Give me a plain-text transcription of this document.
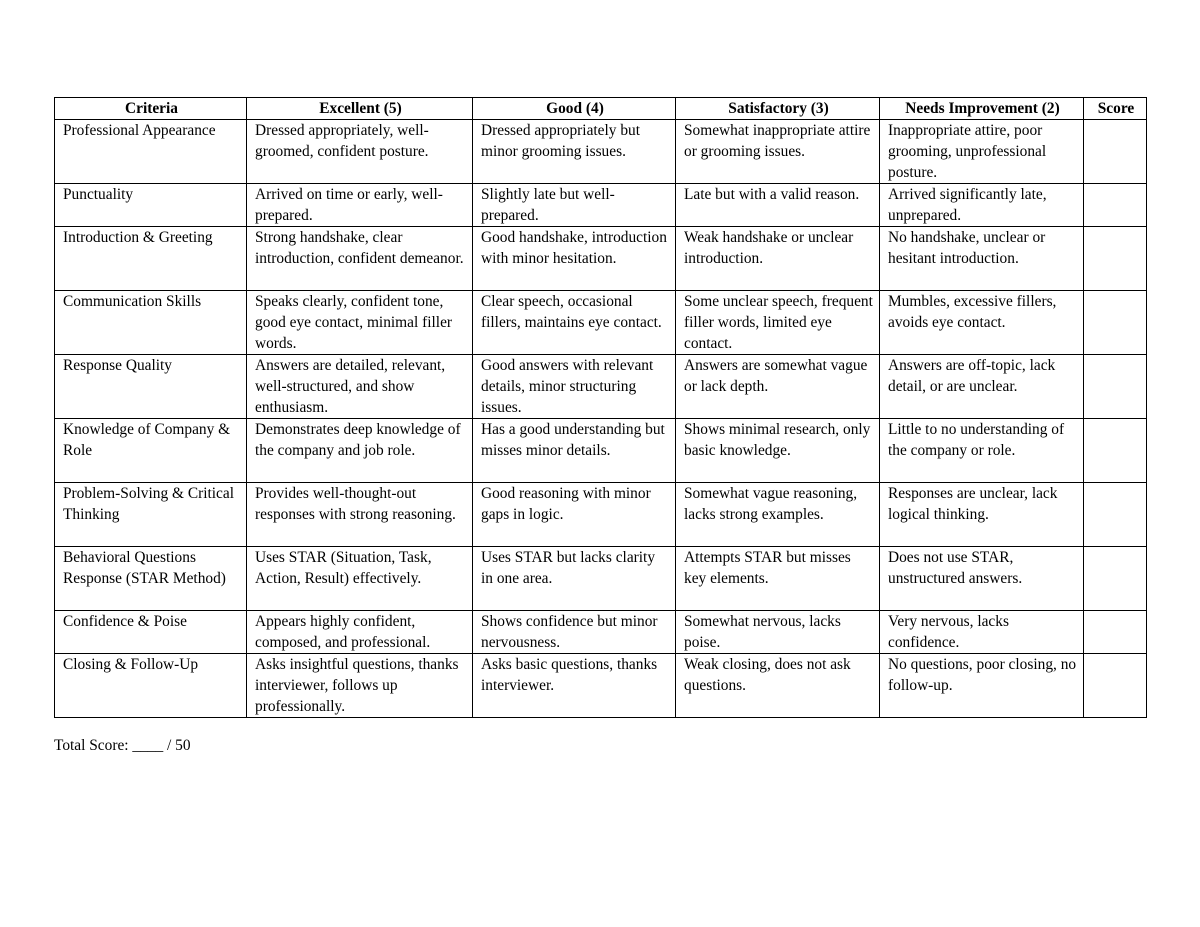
Criteria	Excellent (5)	Good (4)	Satisfactory (3)	Needs Improvement (2)	Score
Professional Appearance	Dressed appropriately, well-groomed, confident posture.	Dressed appropriately but minor grooming issues.	Somewhat inappropriate attire or grooming issues.	Inappropriate attire, poor grooming, unprofessional posture.	
Punctuality	Arrived on time or early, well-prepared.	Slightly late but well-prepared.	Late but with a valid reason.	Arrived significantly late, unprepared.	
Introduction & Greeting	Strong handshake, clear introduction, confident demeanor.	Good handshake, introduction with minor hesitation.	Weak handshake or unclear introduction.	No handshake, unclear or hesitant introduction.	
Communication Skills	Speaks clearly, confident tone, good eye contact, minimal filler words.	Clear speech, occasional fillers, maintains eye contact.	Some unclear speech, frequent filler words, limited eye contact.	Mumbles, excessive fillers, avoids eye contact.	
Response Quality	Answers are detailed, relevant, well-structured, and show enthusiasm.	Good answers with relevant details, minor structuring issues.	Answers are somewhat vague or lack depth.	Answers are off-topic, lack detail, or are unclear.	
Knowledge of Company & Role	Demonstrates deep knowledge of the company and job role.	Has a good understanding but misses minor details.	Shows minimal research, only basic knowledge.	Little to no understanding of the company or role.	
Problem-Solving & Critical Thinking	Provides well-thought-out responses with strong reasoning.	Good reasoning with minor gaps in logic.	Somewhat vague reasoning, lacks strong examples.	Responses are unclear, lack logical thinking.	
Behavioral Questions Response (STAR Method)	Uses STAR (Situation, Task, Action, Result) effectively.	Uses STAR but lacks clarity in one area.	Attempts STAR but misses key elements.	Does not use STAR, unstructured answers.	
Confidence & Poise	Appears highly confident, composed, and professional.	Shows confidence but minor nervousness.	Somewhat nervous, lacks poise.	Very nervous, lacks confidence.	
Closing & Follow-Up	Asks insightful questions, thanks interviewer, follows up professionally.	Asks basic questions, thanks interviewer.	Weak closing, does not ask questions.	No questions, poor closing, no follow-up.	
Total Score: ____ / 50
